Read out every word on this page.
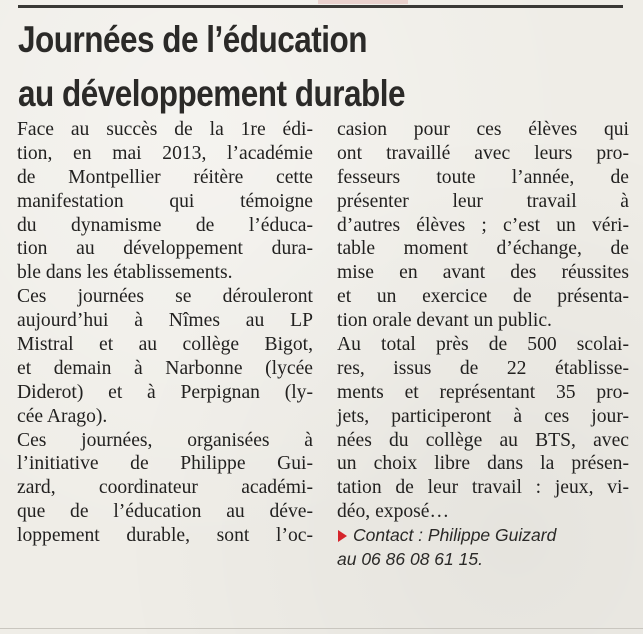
Journées de l’éducation
au développement durable
Face au succès de la 1re édi-
tion, en mai 2013, l’académie
de Montpellier réitère cette
manifestation qui témoigne
du dynamisme de l’éduca-
tion au développement dura-
ble dans les établissements.
Ces journées se dérouleront
aujourd’hui à Nîmes au LP
Mistral et au collège Bigot,
et demain à Narbonne (lycée
Diderot) et à Perpignan (ly-
cée Arago).
Ces journées, organisées à
l’initiative de Philippe Gui-
zard, coordinateur académi-
que de l’éducation au déve-
loppement durable, sont l’oc-
casion pour ces élèves qui
ont travaillé avec leurs pro-
fesseurs toute l’année, de
présenter leur travail à
d’autres élèves ; c’est un véri-
table moment d’échange, de
mise en avant des réussites
et un exercice de présenta-
tion orale devant un public.
Au total près de 500 scolai-
res, issus de 22 établisse-
ments et représentant 35 pro-
jets, participeront à ces jour-
nées du collège au BTS, avec
un choix libre dans la présen-
tation de leur travail : jeux, vi-
déo, exposé…
Contact : Philippe Guizard
au 06 86 08 61 15.
